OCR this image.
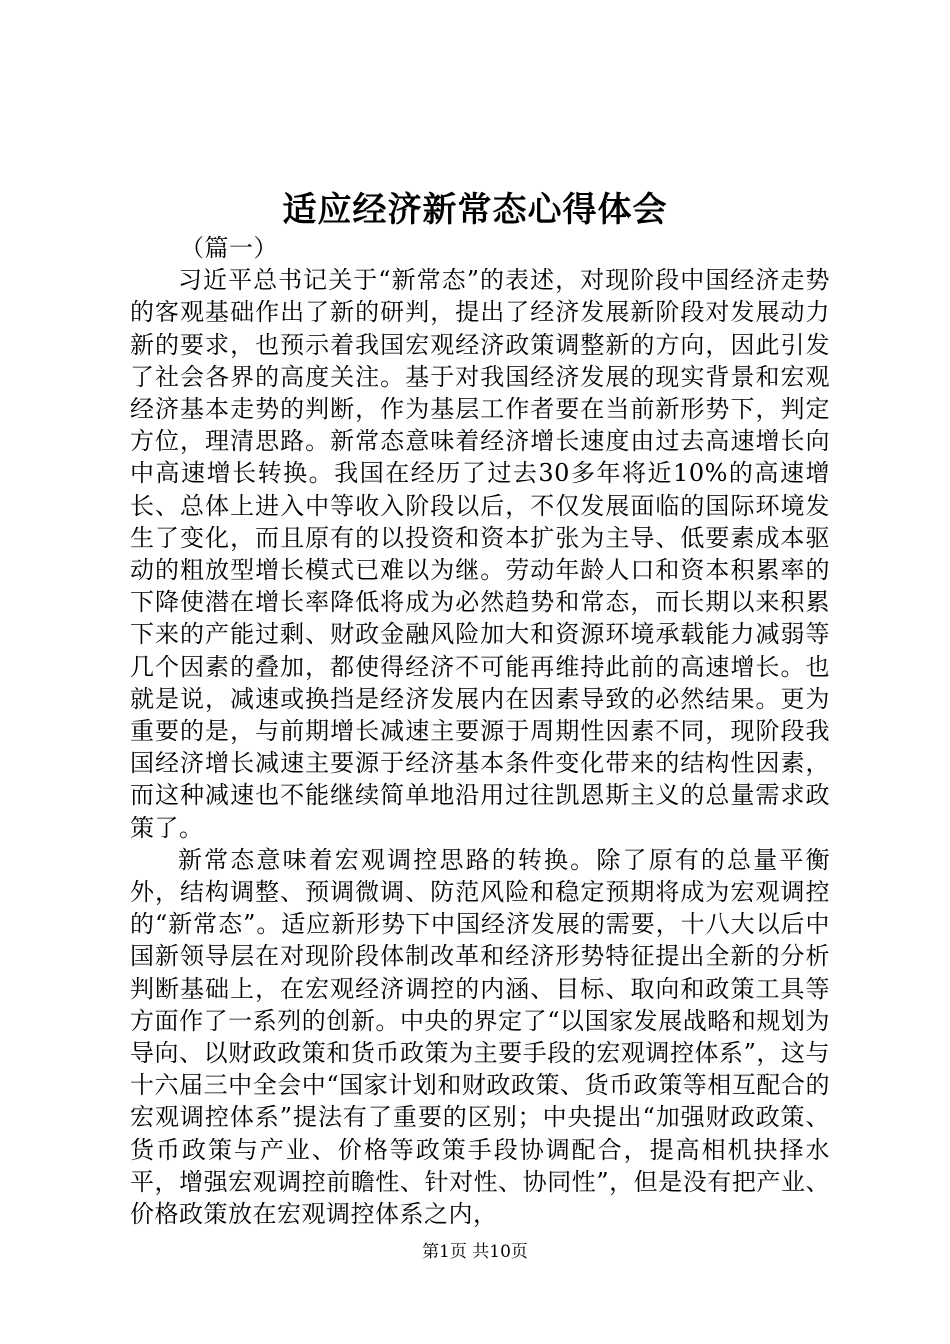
适应经济新常态心得体会

（篇一）

习近平总书记关于“新常态”的表述，对现阶段中国经济走势的客观基础作出了新的研判，提出了经济发展新阶段对发展动力新的要求，也预示着我国宏观经济政策调整新的方向，因此引发了社会各界的高度关注。基于对我国经济发展的现实背景和宏观经济基本走势的判断，作为基层工作者要在当前新形势下，判定方位，理清思路。新常态意味着经济增长速度由过去高速增长向中高速增长转换。我国在经历了过去30多年将近10%的高速增长、总体上进入中等收入阶段以后，不仅发展面临的国际环境发生了变化，而且原有的以投资和资本扩张为主导、低要素成本驱动的粗放型增长模式已难以为继。劳动年龄人口和资本积累率的下降使潜在增长率降低将成为必然趋势和常态，而长期以来积累下来的产能过剩、财政金融风险加大和资源环境承载能力减弱等几个因素的叠加，都使得经济不可能再维持此前的高速增长。也就是说，减速或换挡是经济发展内在因素导致的必然结果。更为重要的是，与前期增长减速主要源于周期性因素不同，现阶段我国经济增长减速主要源于经济基本条件变化带来的结构性因素，而这种减速也不能继续简单地沿用过往凯恩斯主义的总量需求政策了。

新常态意味着宏观调控思路的转换。除了原有的总量平衡外，结构调整、预调微调、防范风险和稳定预期将成为宏观调控的“新常态”。适应新形势下中国经济发展的需要，十八大以后中国新领导层在对现阶段体制改革和经济形势特征提出全新的分析判断基础上，在宏观经济调控的内涵、目标、取向和政策工具等方面作了一系列的创新。中央的界定了“以国家发展战略和规划为导向、以财政政策和货币政策为主要手段的宏观调控体系”，这与十六届三中全会中“国家计划和财政政策、货币政策等相互配合的宏观调控体系”提法有了重要的区别；中央提出“加强财政政策、货币政策与产业、价格等政策手段协调配合，提高相机抉择水平，增强宏观调控前瞻性、针对性、协同性”，但是没有把产业、价格政策放在宏观调控体系之内，

第1页 共10页
